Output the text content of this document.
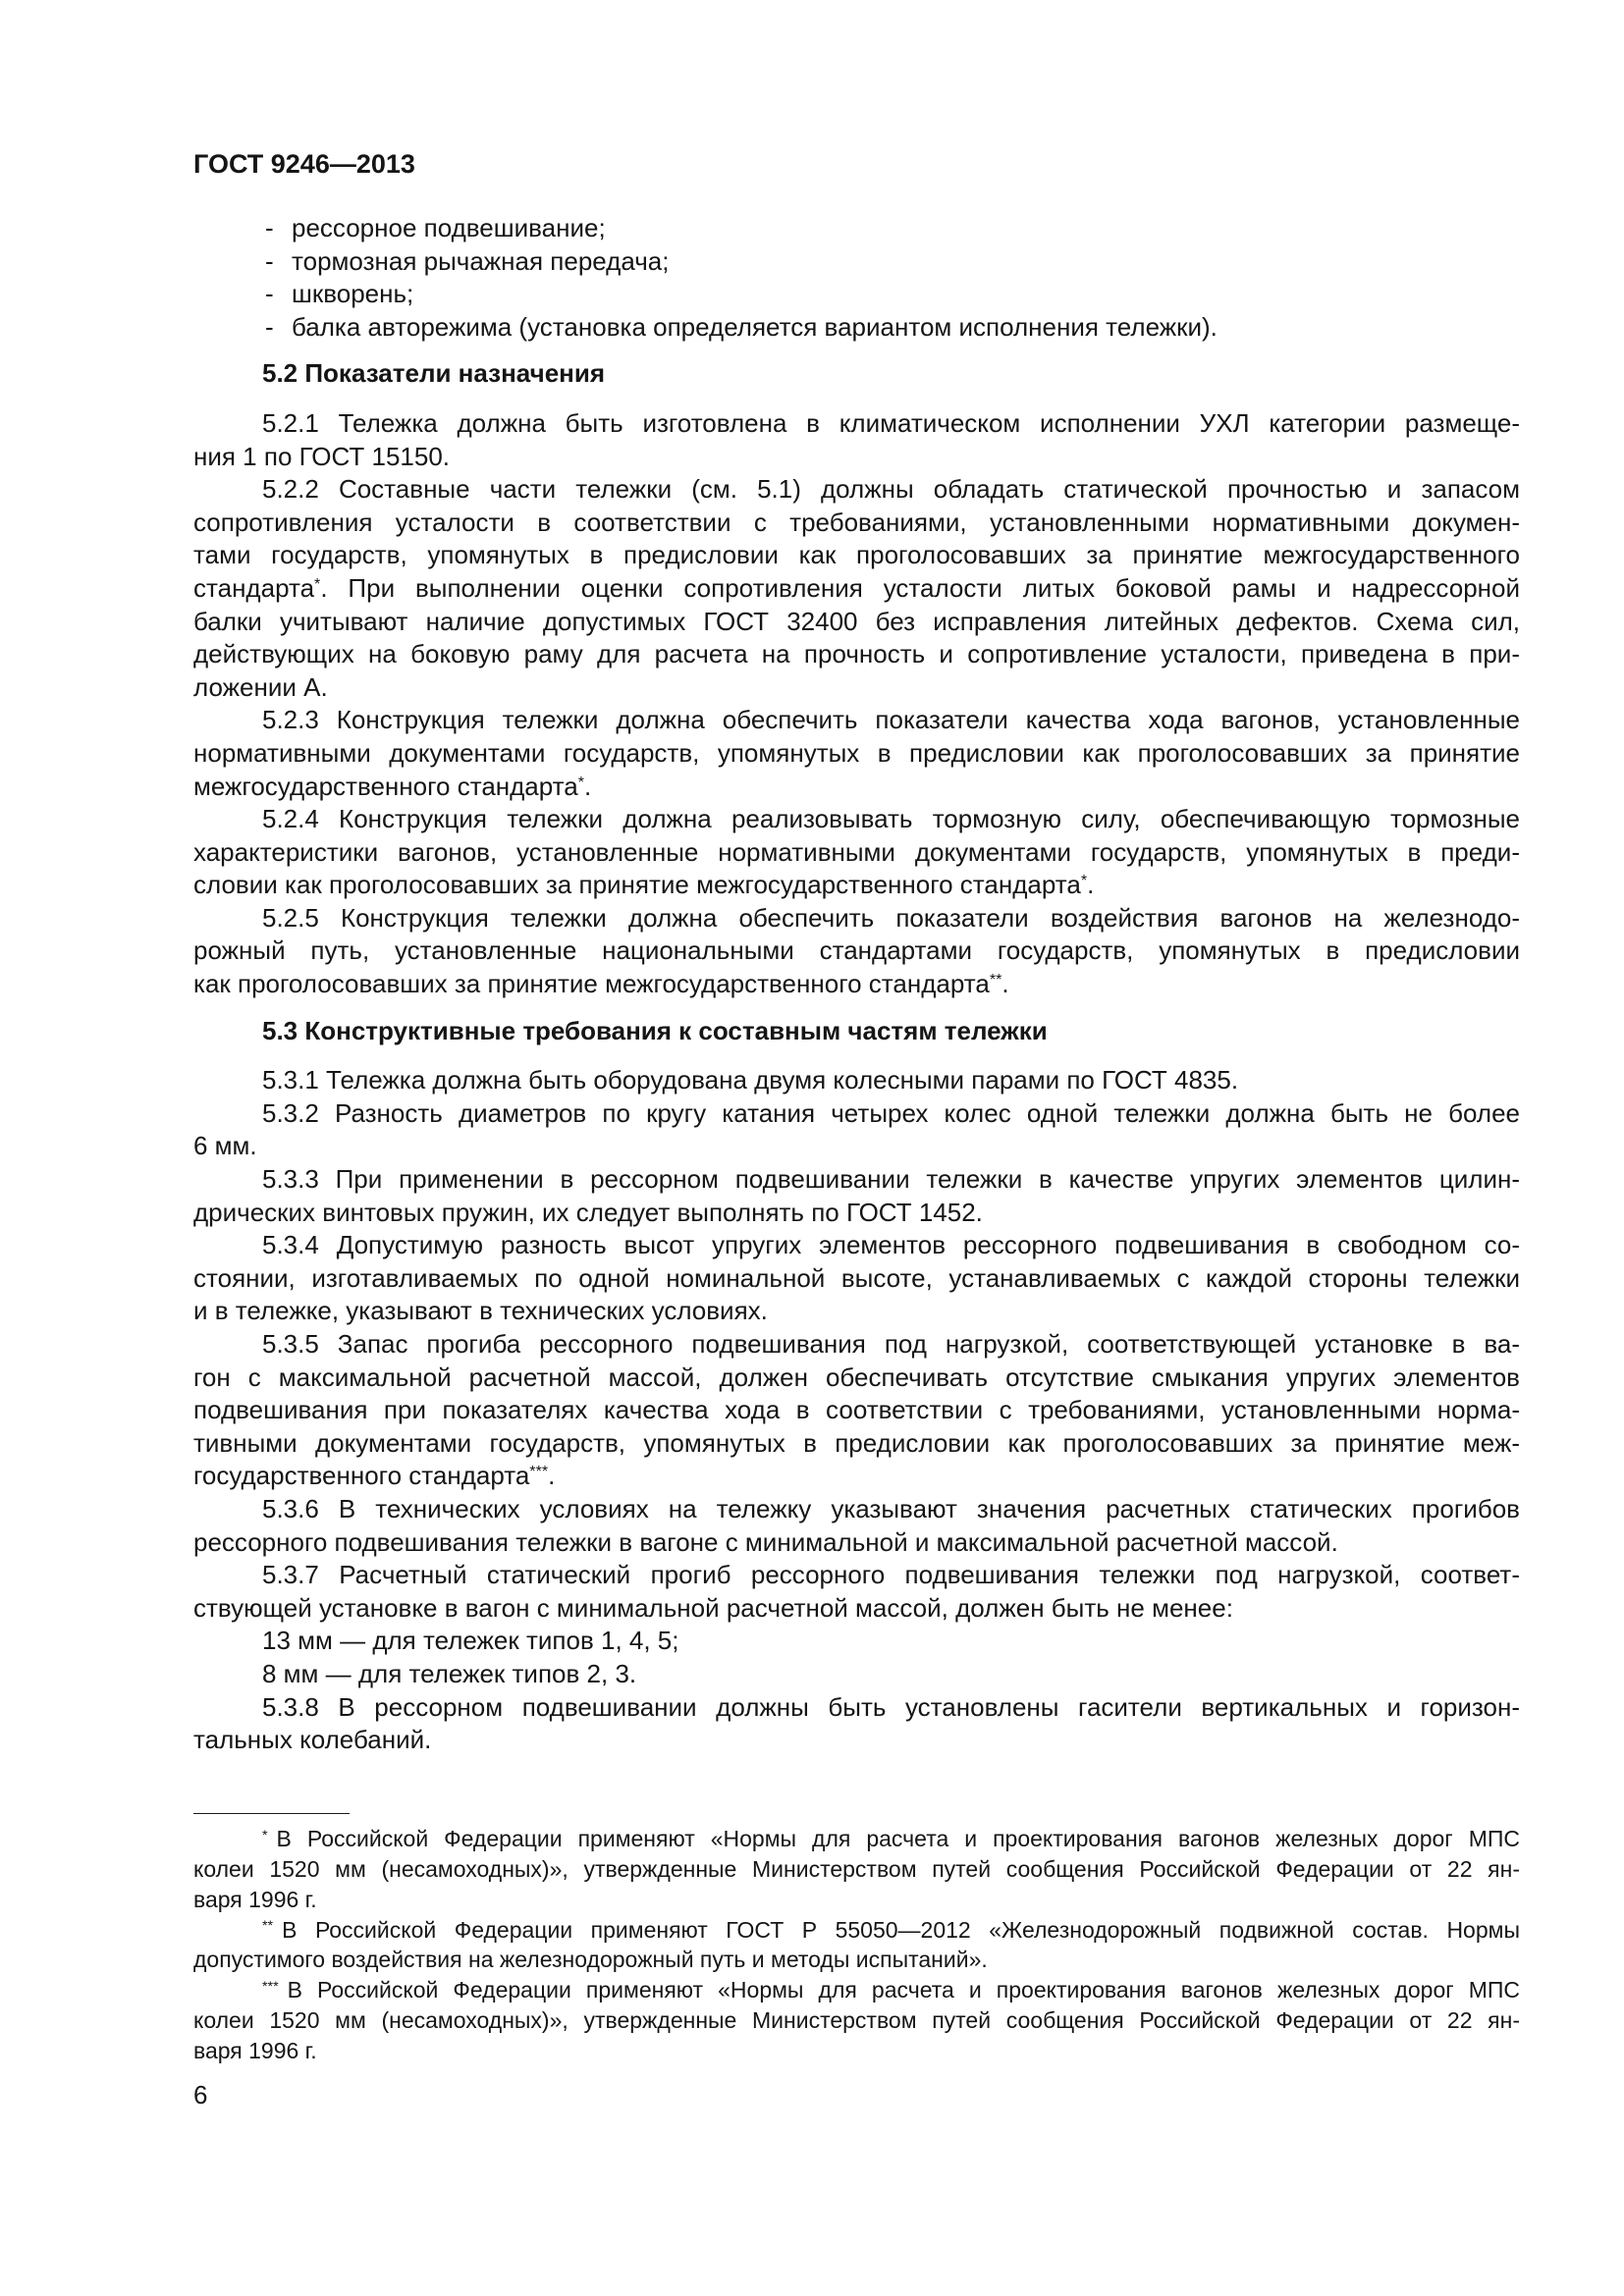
ГОСТ 9246—2013
- рессорное подвешивание;
- тормозная рычажная передача;
- шкворень;
- балка авторежима (установка определяется вариантом исполнения тележки).
5.2 Показатели назначения
5.2.1 Тележка должна быть изготовлена в климатическом исполнении УХЛ категории размеще-
ния 1 по ГОСТ 15150.
5.2.2 Составные части тележки (см. 5.1) должны обладать статической прочностью и запасом
сопротивления усталости в соответствии с требованиями, установленными нормативными докумен-
тами государств, упомянутых в предисловии как проголосовавших за принятие межгосударственного
стандарта*. При выполнении оценки сопротивления усталости литых боковой рамы и надрессорной
балки учитывают наличие допустимых ГОСТ 32400 без исправления литейных дефектов. Схема сил,
действующих на боковую раму для расчета на прочность и сопротивление усталости, приведена в при-
ложении А.
5.2.3 Конструкция тележки должна обеспечить показатели качества хода вагонов, установленные
нормативными документами государств, упомянутых в предисловии как проголосовавших за принятие
межгосударственного стандарта*.
5.2.4 Конструкция тележки должна реализовывать тормозную силу, обеспечивающую тормозные
характеристики вагонов, установленные нормативными документами государств, упомянутых в преди-
словии как проголосовавших за принятие межгосударственного стандарта*.
5.2.5 Конструкция тележки должна обеспечить показатели воздействия вагонов на железнодо-
рожный путь, установленные национальными стандартами государств, упомянутых в предисловии
как проголосовавших за принятие межгосударственного стандарта**.
5.3 Конструктивные требования к составным частям тележки
5.3.1 Тележка должна быть оборудована двумя колесными парами по ГОСТ 4835.
5.3.2 Разность диаметров по кругу катания четырех колес одной тележки должна быть не более
6 мм.
5.3.3 При применении в рессорном подвешивании тележки в качестве упругих элементов цилин-
дрических винтовых пружин, их следует выполнять по ГОСТ 1452.
5.3.4 Допустимую разность высот упругих элементов рессорного подвешивания в свободном со-
стоянии, изготавливаемых по одной номинальной высоте, устанавливаемых с каждой стороны тележки
и в тележке, указывают в технических условиях.
5.3.5 Запас прогиба рессорного подвешивания под нагрузкой, соответствующей установке в ва-
гон с максимальной расчетной массой, должен обеспечивать отсутствие смыкания упругих элементов
подвешивания при показателях качества хода в соответствии с требованиями, установленными норма-
тивными документами государств, упомянутых в предисловии как проголосовавших за принятие меж-
государственного стандарта***.
5.3.6 В технических условиях на тележку указывают значения расчетных статических прогибов
рессорного подвешивания тележки в вагоне с минимальной и максимальной расчетной массой.
5.3.7 Расчетный статический прогиб рессорного подвешивания тележки под нагрузкой, соответ-
ствующей установке в вагон с минимальной расчетной массой, должен быть не менее:
13 мм — для тележек типов 1, 4, 5;
8 мм — для тележек типов 2, 3.
5.3.8 В рессорном подвешивании должны быть установлены гасители вертикальных и горизон-
тальных колебаний.
* В Российской Федерации применяют «Нормы для расчета и проектирования вагонов железных дорог МПС
колеи 1520 мм (несамоходных)», утвержденные Министерством путей сообщения Российской Федерации от 22 ян-
варя 1996 г.
** В Российской Федерации применяют ГОСТ Р 55050—2012 «Железнодорожный подвижной состав. Нормы
допустимого воздействия на железнодорожный путь и методы испытаний».
*** В Российской Федерации применяют «Нормы для расчета и проектирования вагонов железных дорог МПС
колеи 1520 мм (несамоходных)», утвержденные Министерством путей сообщения Российской Федерации от 22 ян-
варя 1996 г.
6
